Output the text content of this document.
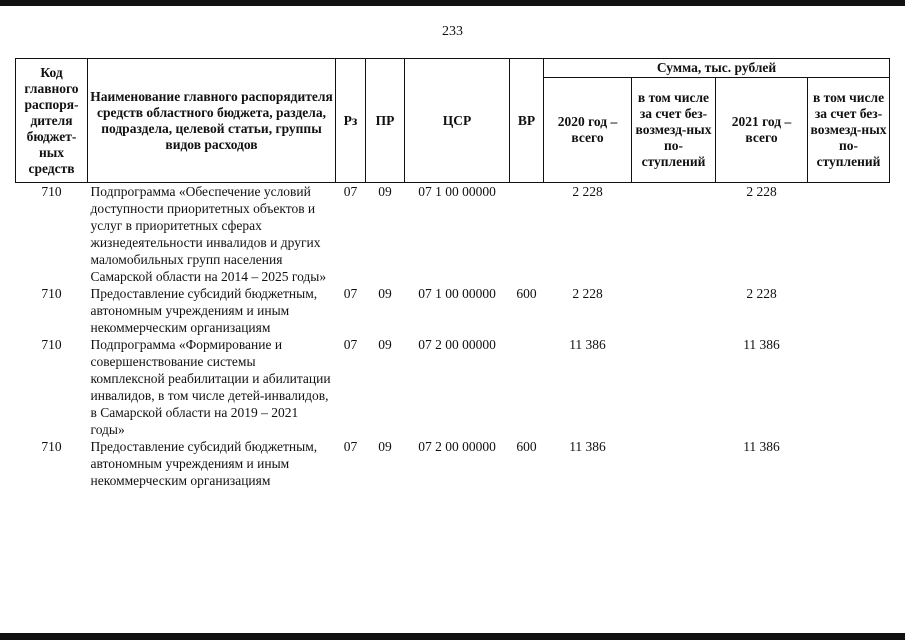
233
Код главного распоря-дителя бюджет-ных средств	Наименование главного распорядителя средств областного бюджета, раздела, подраздела, целевой статьи, группы видов расходов	Рз	ПР	ЦСР	ВР	Сумма, тыс. рублей			
						2020 год – всего	в том числе за счет без-возмезд-ных по-ступлений	2021 год – всего	в том числе за счет без-возмезд-ных по-ступлений
710	Подпрограмма «Обеспечение условий доступности приоритетных объектов и услуг в приоритетных сферах жизнедеятельности инвалидов и других маломобильных групп населения Самарской области на 2014 – 2025 годы»	07	09	07 1 00 00000		2 228		2 228	
710	Предоставление субсидий бюджетным, автономным учреждениям и иным некоммерческим организациям	07	09	07 1 00 00000	600	2 228		2 228	
710	Подпрограмма «Формирование и совершенствование системы комплексной реабилитации и абилитации инвалидов, в том числе детей-инвалидов, в Самарской области на 2019 – 2021 годы»	07	09	07 2 00 00000		11 386		11 386	
710	Предоставление субсидий бюджетным, автономным учреждениям и иным некоммерческим организациям	07	09	07 2 00 00000	600	11 386		11 386	
